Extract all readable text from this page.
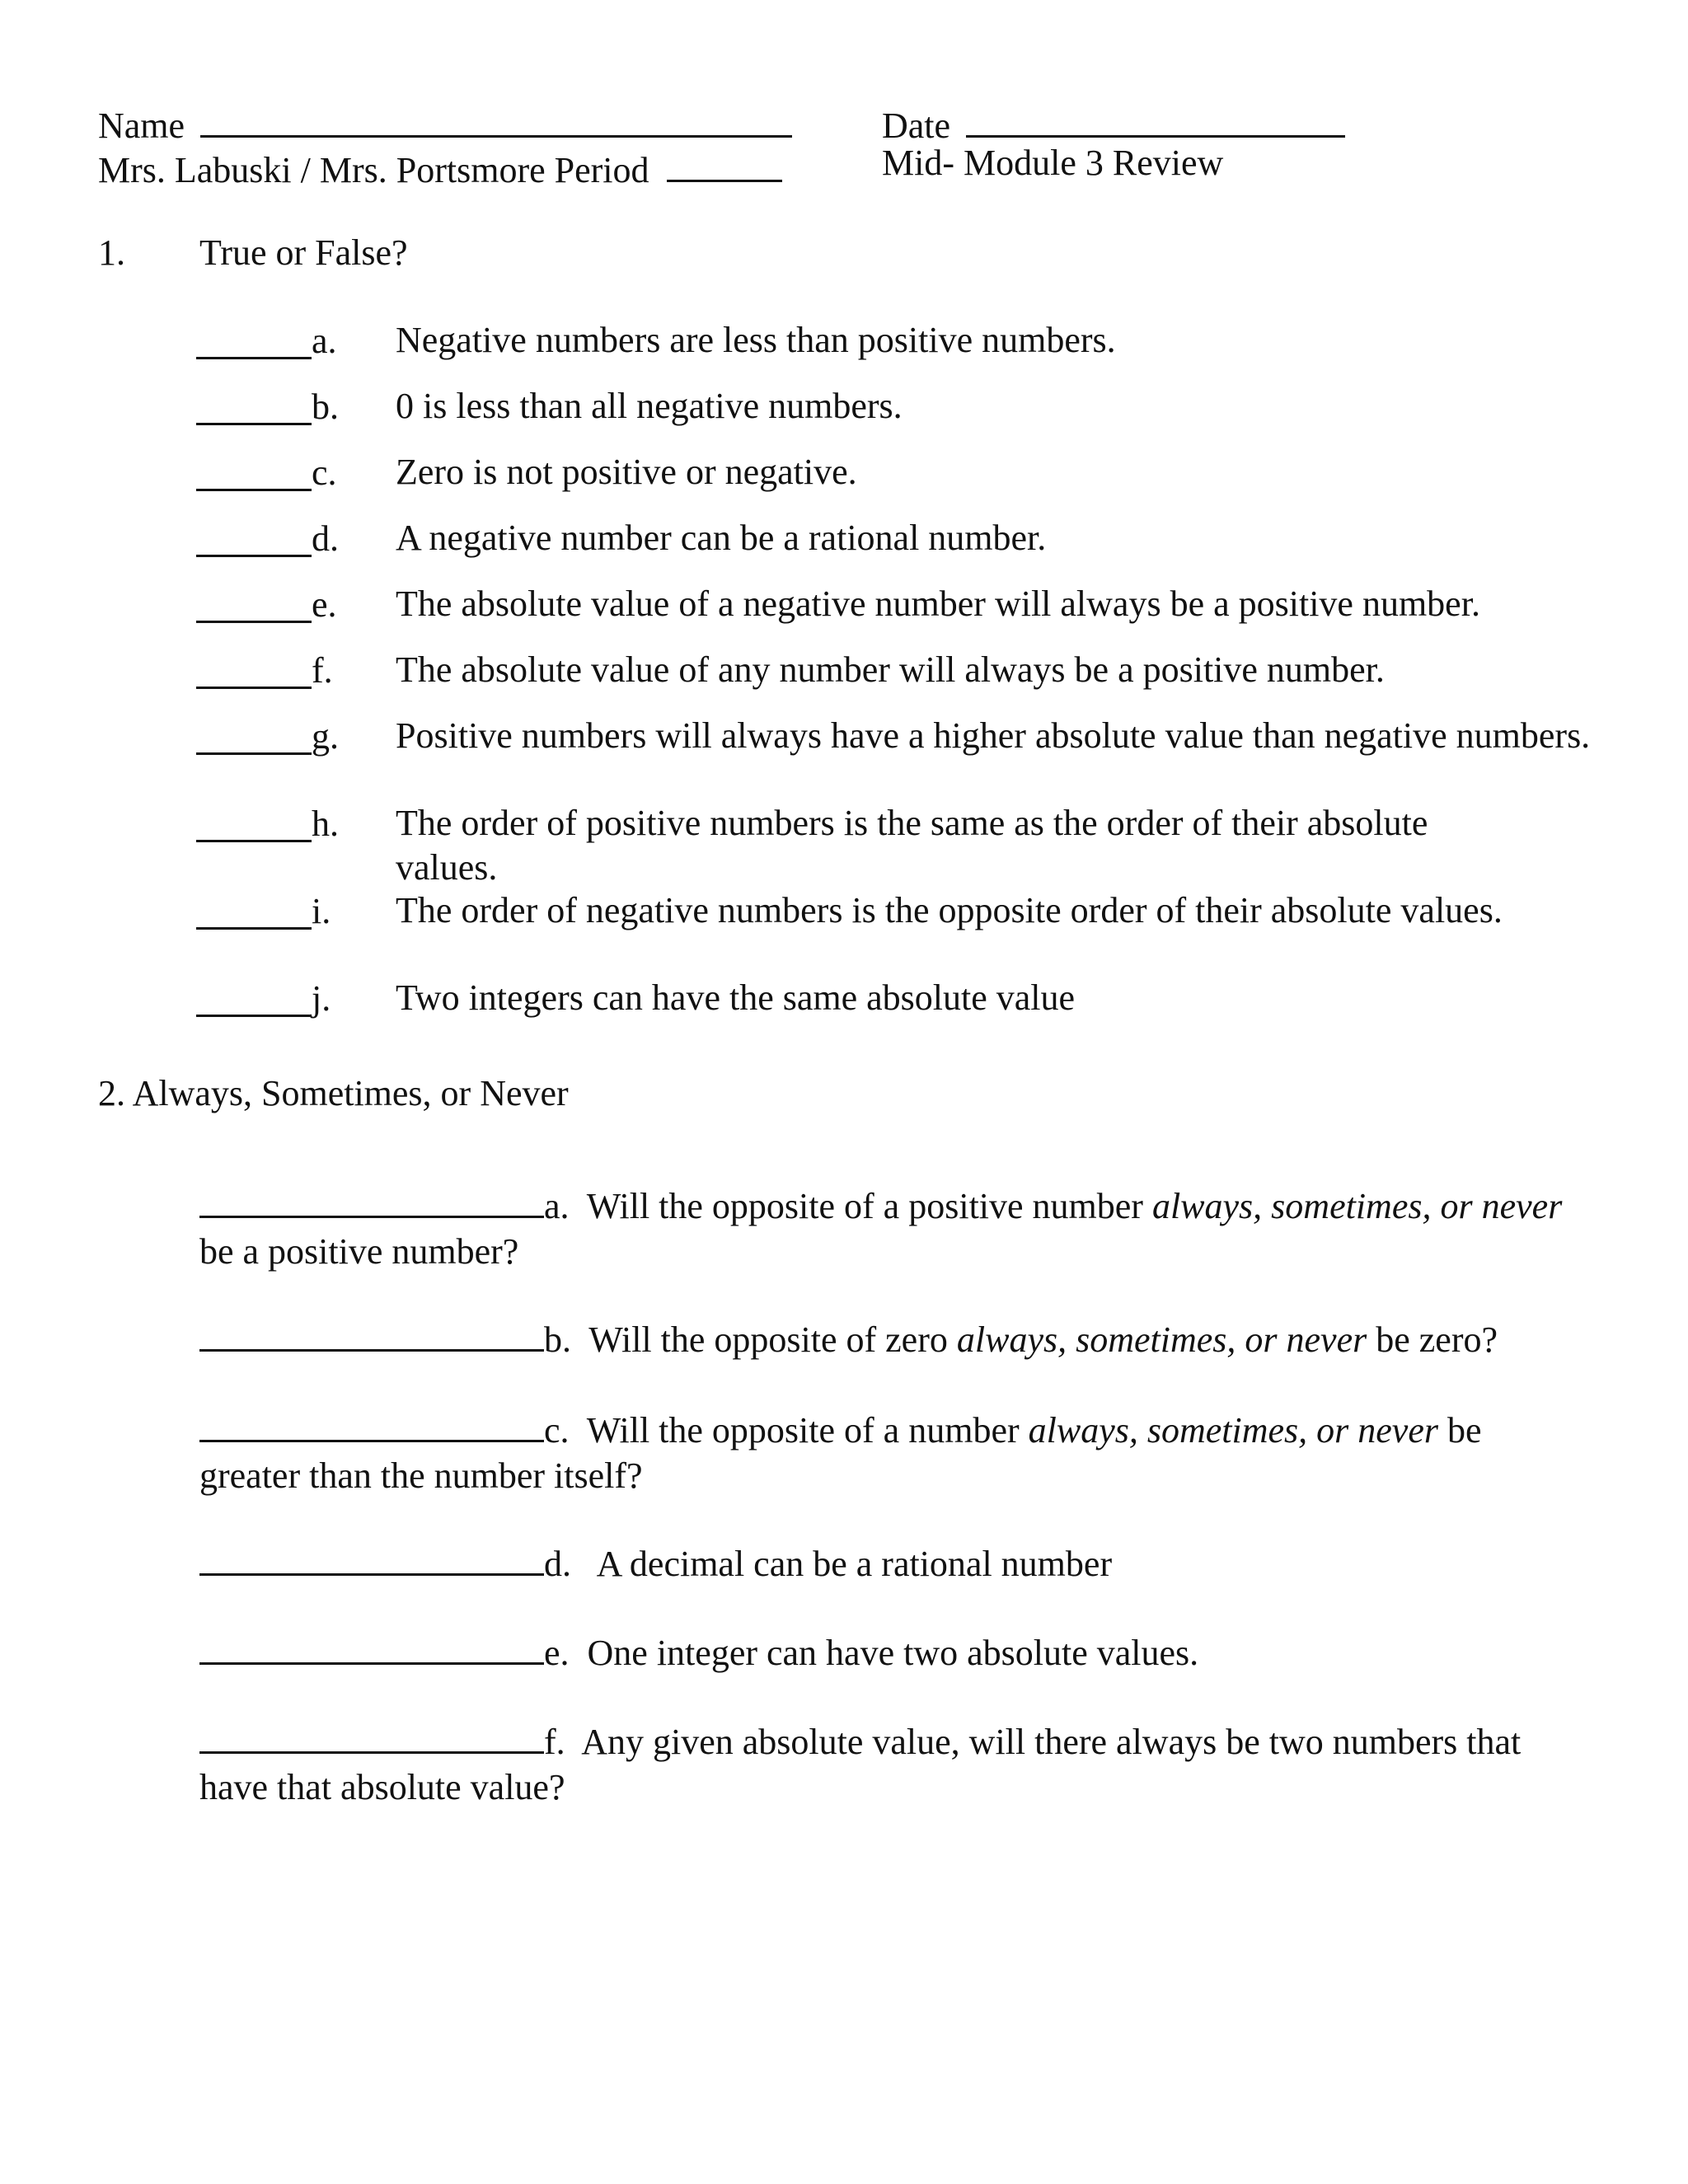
Name	Date
Mrs. Labuski / Mrs. Portsmore Period	Mid- Module 3 Review
1. True or False?
a. Negative numbers are less than positive numbers.
b. 0 is less than all negative numbers.
c. Zero is not positive or negative.
d. A negative number can be a rational number.
e. The absolute value of a negative number will always be a positive number.
f. The absolute value of any number will always be a positive number.
g. Positive numbers will always have a higher absolute value than negative numbers.
h. The order of positive numbers is the same as the order of their absolute values.
i. The order of negative numbers is the opposite order of their absolute values.
j. Two integers can have the same absolute value
2. Always, Sometimes, or Never
a.  Will the opposite of a positive number always, sometimes, or never be a positive number?
b.  Will the opposite of zero always, sometimes, or never be zero?
c.  Will the opposite of a number always, sometimes, or never be greater than the number itself?
d.   A decimal can be a rational number
e.  One integer can have two absolute values.
f.  Any given absolute value, will there always be two numbers that have that absolute value?
